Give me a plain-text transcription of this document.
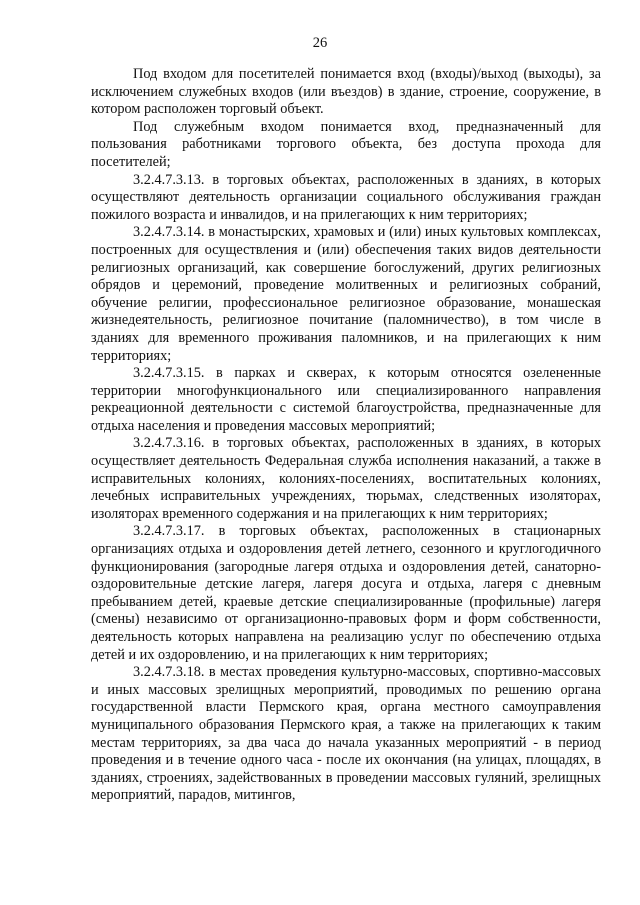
26

Под входом для посетителей понимается вход (входы)/выход (выходы), за исключением служебных входов (или въездов) в здание, строение, сооружение, в котором расположен торговый объект.

Под служебным входом понимается вход, предназначенный для пользования работниками торгового объекта, без доступа прохода для посетителей;

3.2.4.7.3.13. в торговых объектах, расположенных в зданиях, в которых осуществляют деятельность организации социального обслуживания граждан пожилого возраста и инвалидов, и на прилегающих к ним территориях;

3.2.4.7.3.14. в монастырских, храмовых и (или) иных культовых комплексах, построенных для осуществления и (или) обеспечения таких видов деятельности религиозных организаций, как совершение богослужений, других религиозных обрядов и церемоний, проведение молитвенных и религиозных собраний, обучение религии, профессиональное религиозное образование, монашеская жизнедеятельность, религиозное почитание (паломничество), в том числе в зданиях для временного проживания паломников, и на прилегающих к ним территориях;

3.2.4.7.3.15. в парках и скверах, к которым относятся озелененные территории многофункционального или специализированного направления рекреационной деятельности с системой благоустройства, предназначенные для отдыха населения и проведения массовых мероприятий;

3.2.4.7.3.16. в торговых объектах, расположенных в зданиях, в которых осуществляет деятельность Федеральная служба исполнения наказаний, а также в исправительных колониях, колониях-поселениях, воспитательных колониях, лечебных исправительных учреждениях, тюрьмах, следственных изоляторах, изоляторах временного содержания и на прилегающих к ним территориях;

3.2.4.7.3.17. в торговых объектах, расположенных в стационарных организациях отдыха и оздоровления детей летнего, сезонного и круглогодичного функционирования (загородные лагеря отдыха и оздоровления детей, санаторно-оздоровительные детские лагеря, лагеря досуга и отдыха, лагеря с дневным пребыванием детей, краевые детские специализированные (профильные) лагеря (смены) независимо от организационно-правовых форм и форм собственности, деятельность которых направлена на реализацию услуг по обеспечению отдыха детей и их оздоровлению, и на прилегающих к ним территориях;

3.2.4.7.3.18. в местах проведения культурно-массовых, спортивно-массовых и иных массовых зрелищных мероприятий, проводимых по решению органа государственной власти Пермского края, органа местного самоуправления муниципального образования Пермского края, а также на прилегающих к таким местам территориях, за два часа до начала указанных мероприятий - в период проведения и в течение одного часа - после их окончания (на улицах, площадях, в зданиях, строениях, задействованных в проведении массовых гуляний, зрелищных мероприятий, парадов, митингов,
